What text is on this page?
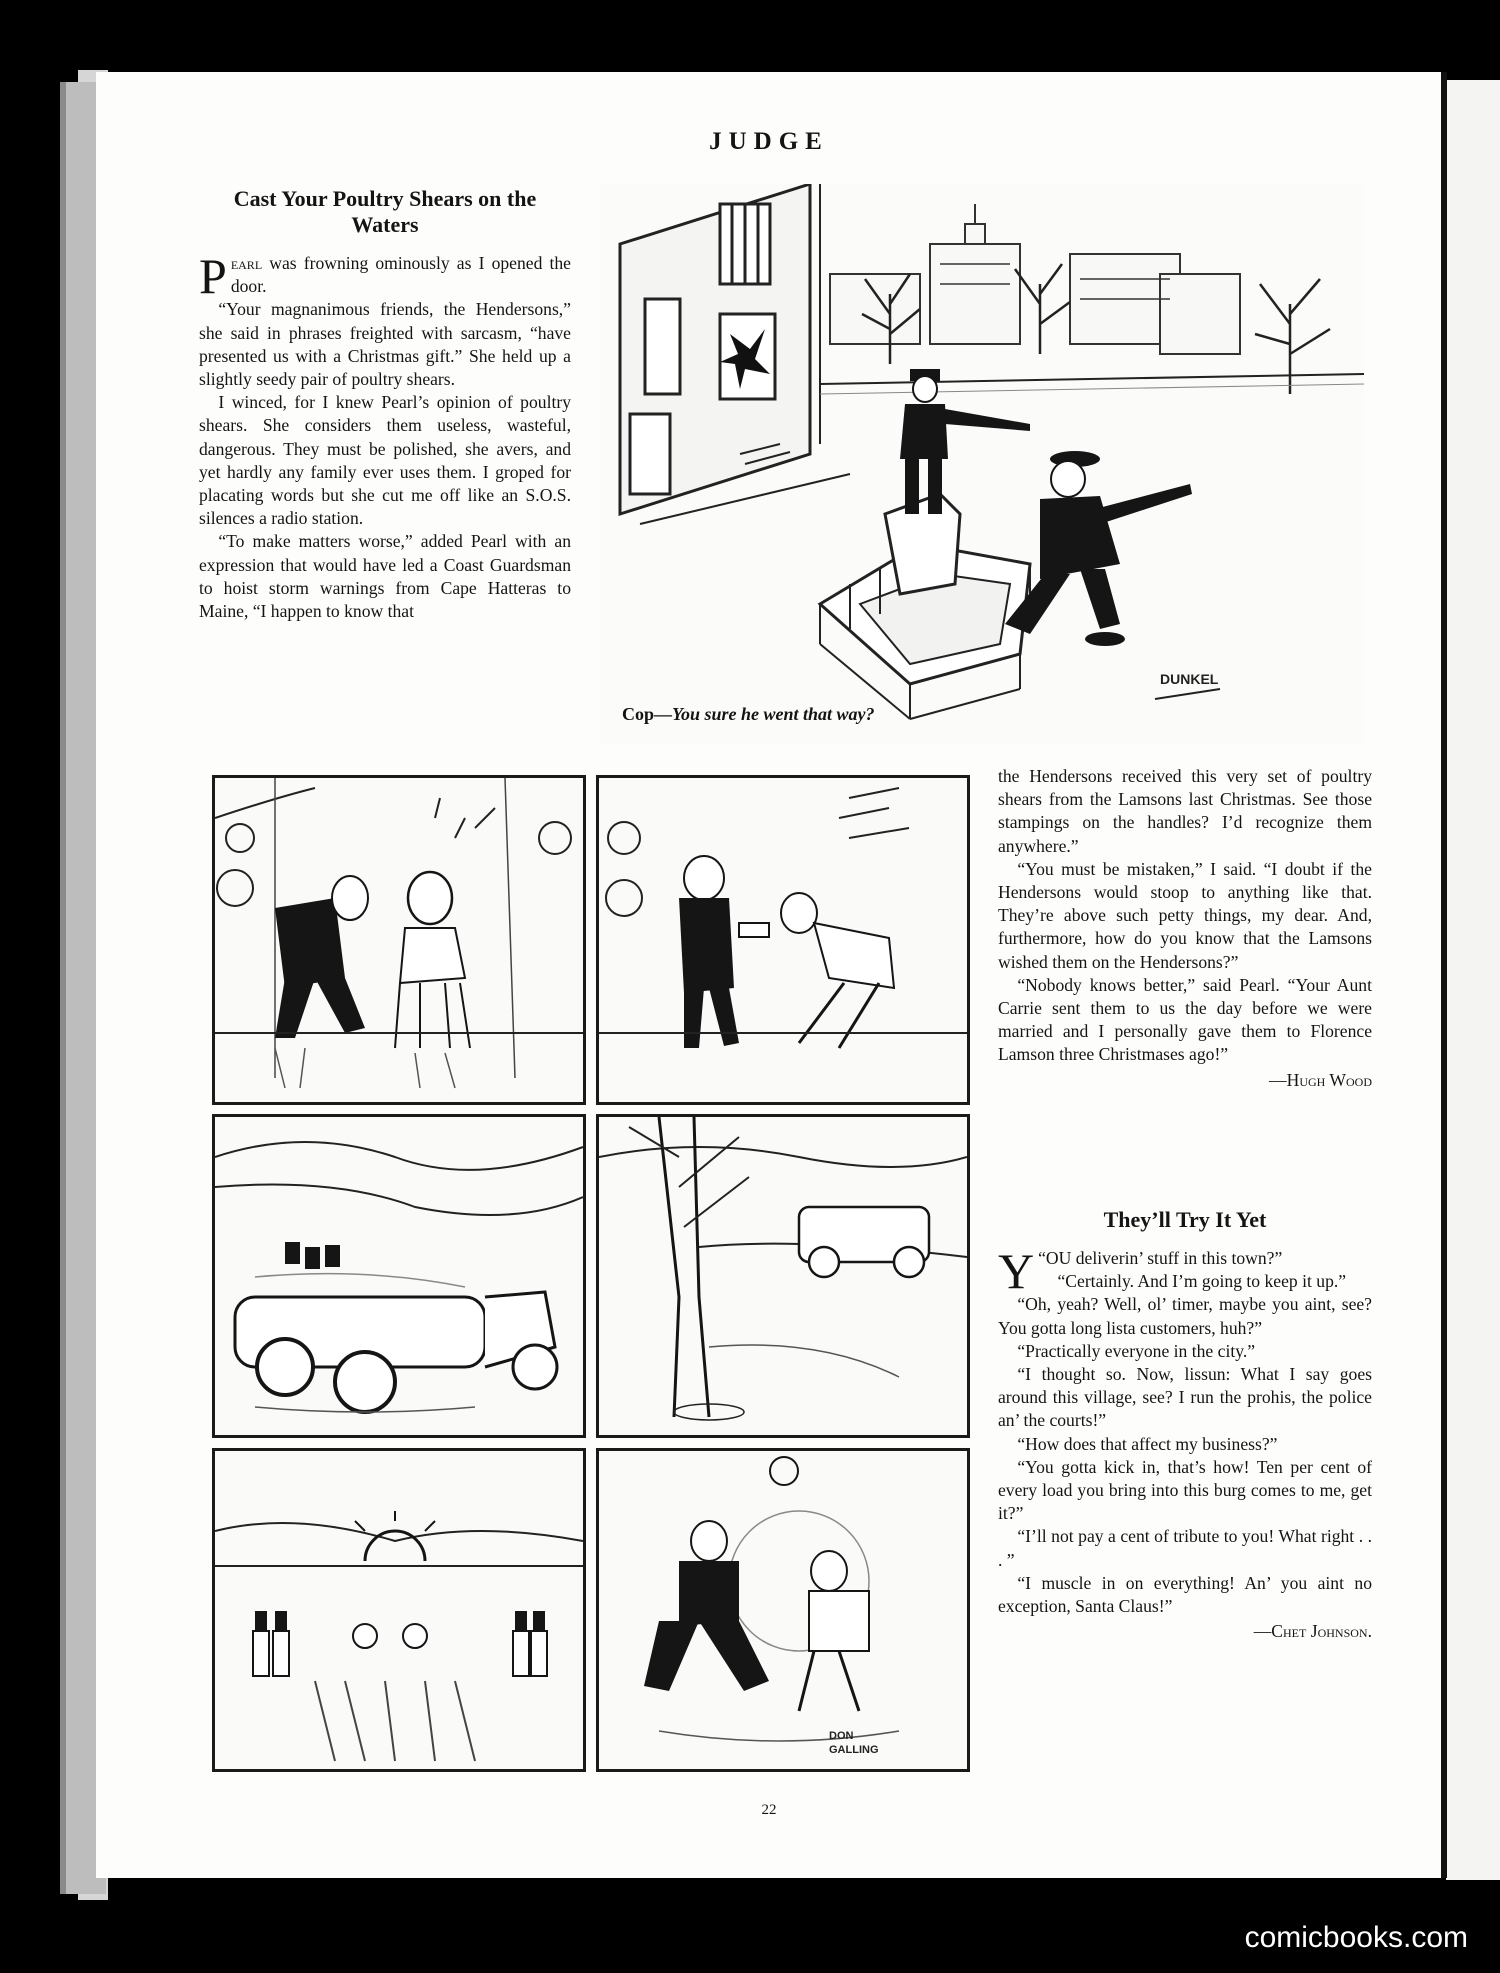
JUDGE
Cast Your Poultry Shears on the Waters

Pearl was frowning ominously as I opened the door.

“Your magnanimous friends, the Hendersons,” she said in phrases freighted with sarcasm, “have presented us with a Christmas gift.” She held up a slightly seedy pair of poultry shears.

I winced, for I knew Pearl’s opinion of poultry shears. She considers them useless, wasteful, dangerous. They must be polished, she avers, and yet hardly any family ever uses them. I groped for placating words but she cut me off like an S.O.S. silences a radio station.

“To make matters worse,” added Pearl with an expression that would have led a Coast Guardsman to hoist storm warnings from Cape Hatteras to Maine, “I happen to know that

DUNKEL
Cop—You sure he went that way?
DON
GALLING

the Hendersons received this very set of poultry shears from the Lamsons last Christmas. See those stampings on the handles? I’d recognize them anywhere.”

“You must be mistaken,” I said. “I doubt if the Hendersons would stoop to anything like that. They’re above such petty things, my dear. And, furthermore, how do you know that the Lamsons wished them on the Hendersons?”

“Nobody knows better,” said Pearl. “Your Aunt Carrie sent them to us the day before we were married and I personally gave them to Florence Lamson three Christmases ago!”

—Hugh Wood
They’ll Try It Yet

“
Y OU deliverin’ stuff in this town?”

“Certainly. And I’m going to keep it up.”

“Oh, yeah? Well, ol’ timer, maybe you aint, see? You gotta long lista customers, huh?”

“Practically everyone in the city.”

“I thought so. Now, lissun: What I say goes around this village, see? I run the prohis, the police an’ the courts!”

“How does that affect my business?”

“You gotta kick in, that’s how! Ten per cent of every load you bring into this burg comes to me, get it?”

“I’ll not pay a cent of tribute to you! What right . . . ”

“I muscle in on everything! An’ you aint no exception, Santa Claus!”

—Chet Johnson.
22
comicbooks.com
